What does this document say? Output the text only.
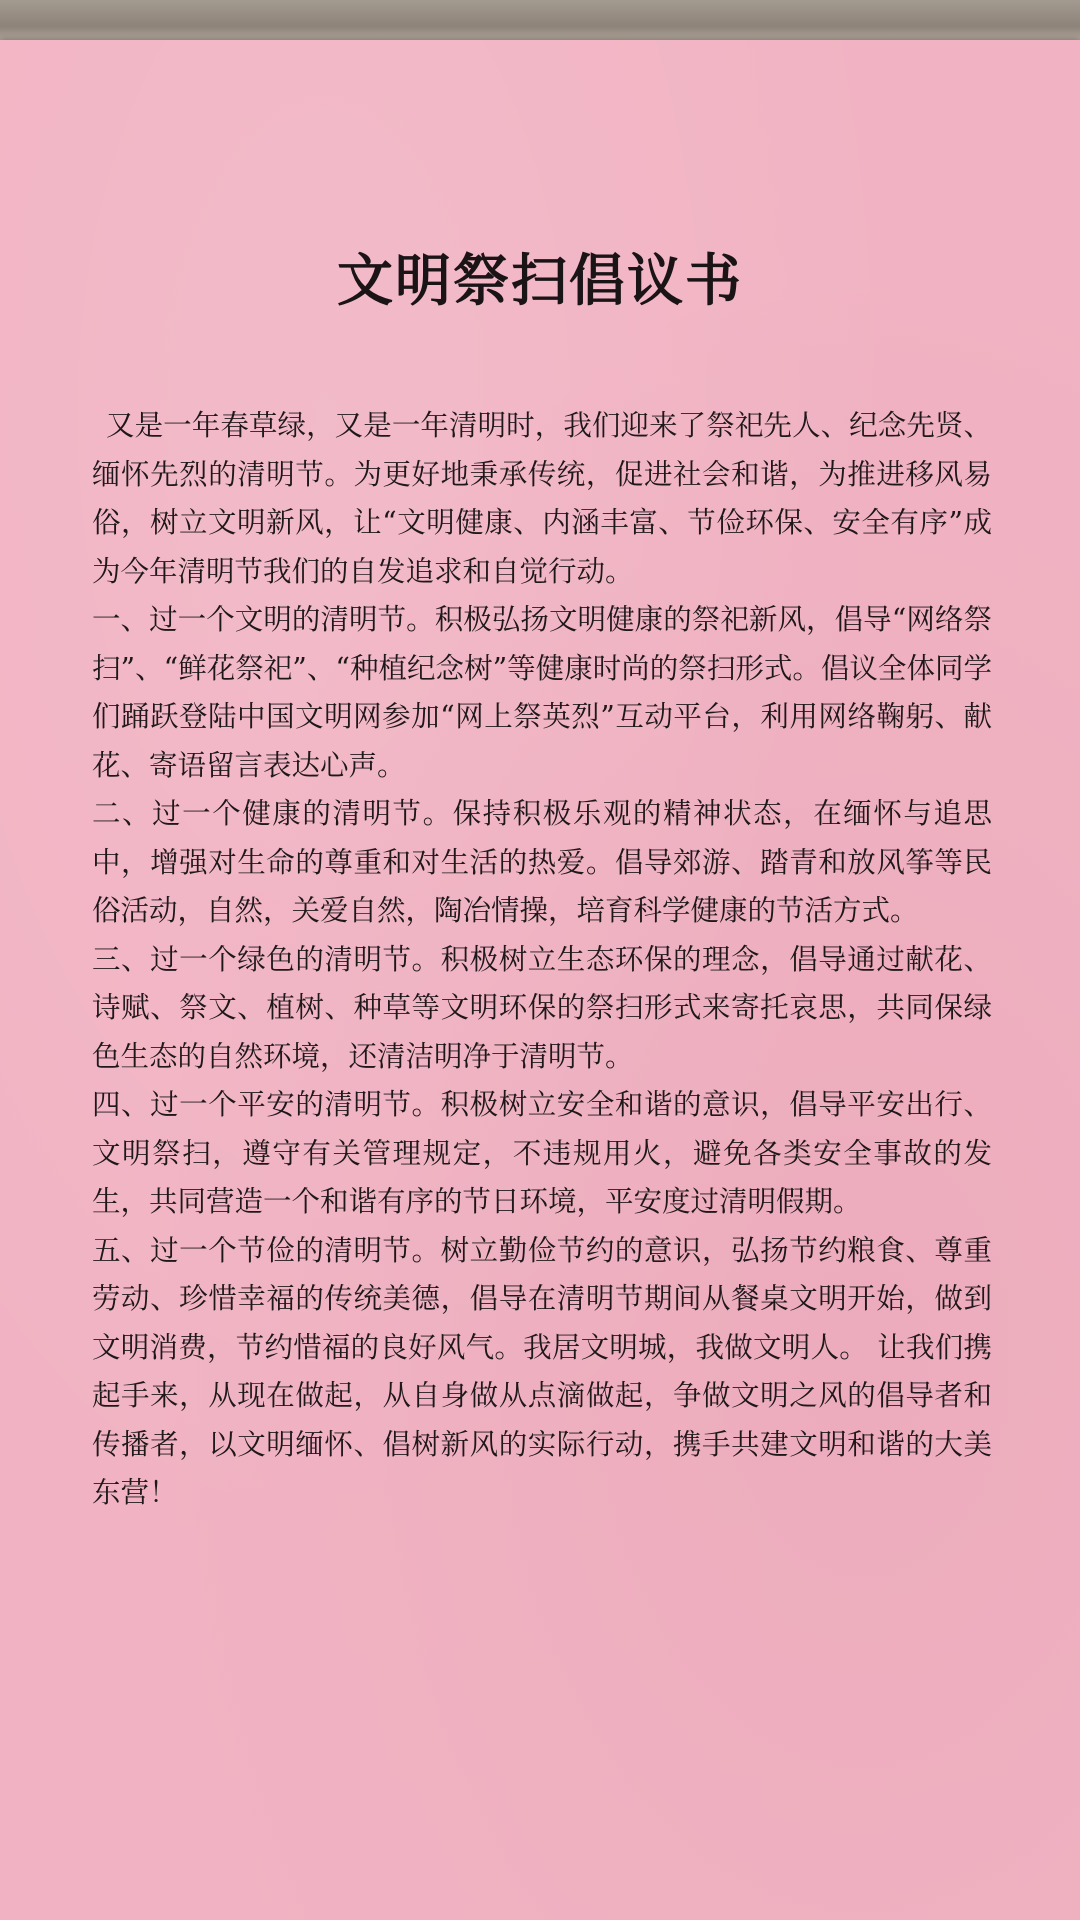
文明祭扫倡议书

又是一年春草绿，又是一年清明时，我们迎来了祭祀先人、纪念先贤、缅怀先烈的清明节。为更好地秉承传统，促进社会和谐，为推进移风易俗，树立文明新风，让“文明健康、内涵丰富、节俭环保、安全有序”成为今年清明节我们的自发追求和自觉行动。

一、过一个文明的清明节。积极弘扬文明健康的祭祀新风，倡导“网络祭扫”、“鲜花祭祀”、“种植纪念树”等健康时尚的祭扫形式。倡议全体同学们踊跃登陆中国文明网参加“网上祭英烈”互动平台，利用网络鞠躬、献花、寄语留言表达心声。

二、过一个健康的清明节。保持积极乐观的精神状态，在缅怀与追思中，增强对生命的尊重和对生活的热爱。倡导郊游、踏青和放风筝等民俗活动，自然，关爱自然，陶冶情操，培育科学健康的节活方式。

三、过一个绿色的清明节。积极树立生态环保的理念，倡导通过献花、诗赋、祭文、植树、种草等文明环保的祭扫形式来寄托哀思，共同保绿色生态的自然环境，还清洁明净于清明节。

四、过一个平安的清明节。积极树立安全和谐的意识，倡导平安出行、文明祭扫，遵守有关管理规定，不违规用火，避免各类安全事故的发生，共同营造一个和谐有序的节日环境，平安度过清明假期。

五、过一个节俭的清明节。树立勤俭节约的意识，弘扬节约粮食、尊重劳动、珍惜幸福的传统美德，倡导在清明节期间从餐桌文明开始，做到文明消费，节约惜福的良好风气。我居文明城，我做文明人。 让我们携起手来，从现在做起，从自身做从点滴做起，争做文明之风的倡导者和传播者，以文明缅怀、倡树新风的实际行动，携手共建文明和谐的大美东营！
